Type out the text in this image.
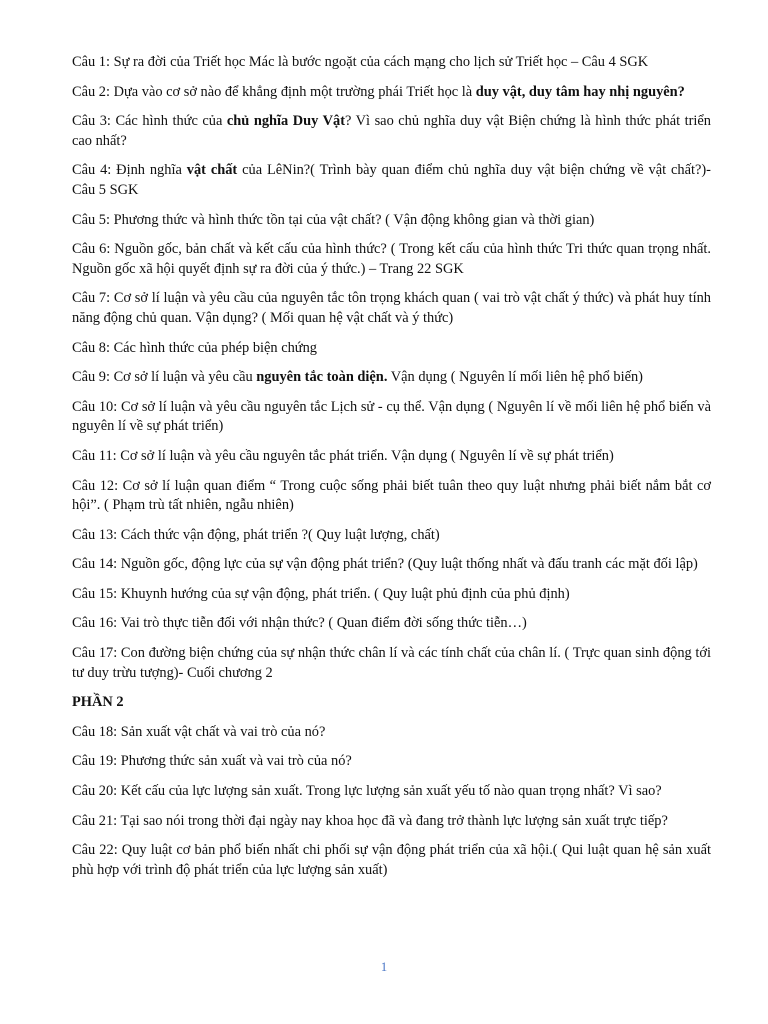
Câu 1: Sự ra đời của Triết học Mác là bước ngoặt của cách mạng cho lịch sử Triết học – Câu 4 SGK

Câu 2: Dựa vào cơ sở nào để khẳng định một trường phái Triết học là duy vật, duy tâm hay nhị nguyên?

Câu 3: Các hình thức của chủ nghĩa Duy Vật? Vì sao chủ nghĩa duy vật Biện chứng là hình thức phát triển cao nhất?

Câu 4: Định nghĩa vật chất của LêNin?( Trình bày quan điểm chủ nghĩa duy vật biện chứng về vật chất?)- Câu 5 SGK

Câu 5: Phương thức và hình thức tồn tại của vật chất? ( Vận động không gian và thời gian)

Câu 6: Nguồn gốc, bản chất và kết cấu của hình thức? ( Trong kết cấu của hình thức Tri thức quan trọng nhất. Nguồn gốc xã hội quyết định sự ra đời của ý thức.) – Trang 22 SGK

Câu 7: Cơ sở lí luận và yêu cầu của nguyên tắc tôn trọng khách quan ( vai trò vật chất ý thức) và phát huy tính năng động chủ quan. Vận dụng? ( Mối quan hệ vật chất và ý thức)

Câu 8: Các hình thức của phép biện chứng

Câu 9: Cơ sở lí luận và yêu cầu nguyên tắc toàn diện. Vận dụng ( Nguyên lí mối liên hệ phổ biến)

Câu 10: Cơ sở lí luận và yêu cầu nguyên tắc Lịch sử - cụ thể. Vận dụng ( Nguyên lí về mối liên hệ phổ biến và nguyên lí về sự phát triển)

Câu 11: Cơ sở lí luận và yêu cầu nguyên tắc phát triển. Vận dụng ( Nguyên lí về sự phát triển)

Câu 12: Cơ sở lí luận quan điểm “ Trong cuộc sống phải biết tuân theo quy luật nhưng phải biết nắm bắt cơ hội”. ( Phạm trù tất nhiên, ngẫu nhiên)

Câu 13: Cách thức vận động, phát triển ?( Quy luật lượng, chất)

Câu 14: Nguồn gốc, động lực của sự vận động phát triển? (Quy luật thống nhất và đấu tranh các mặt đối lập)

Câu 15: Khuynh hướng của sự vận động, phát triển. ( Quy luật phủ định của phủ định)

Câu 16: Vai trò thực tiễn đối với nhận thức? ( Quan điểm đời sống thức tiễn…)

Câu 17: Con đường biện chứng của sự nhận thức chân lí và các tính chất của chân lí. ( Trực quan sinh động tới tư duy trừu tượng)- Cuối chương 2

PHẦN 2

Câu 18: Sản xuất vật chất và vai trò của nó?

Câu 19: Phương thức sản xuất và vai trò của nó?

Câu 20: Kết cấu của lực lượng sản xuất. Trong lực lượng sản xuất yếu tố nào quan trọng nhất? Vì sao?

Câu 21: Tại sao nói trong thời đại ngày nay khoa học đã và đang trở thành lực lượng sản xuất trực tiếp?

Câu 22: Quy luật cơ bản phổ biến nhất chi phối sự vận động phát triển của xã hội.( Qui luật quan hệ sản xuất phù hợp với trình độ phát triển của lực lượng sản xuất)

1
